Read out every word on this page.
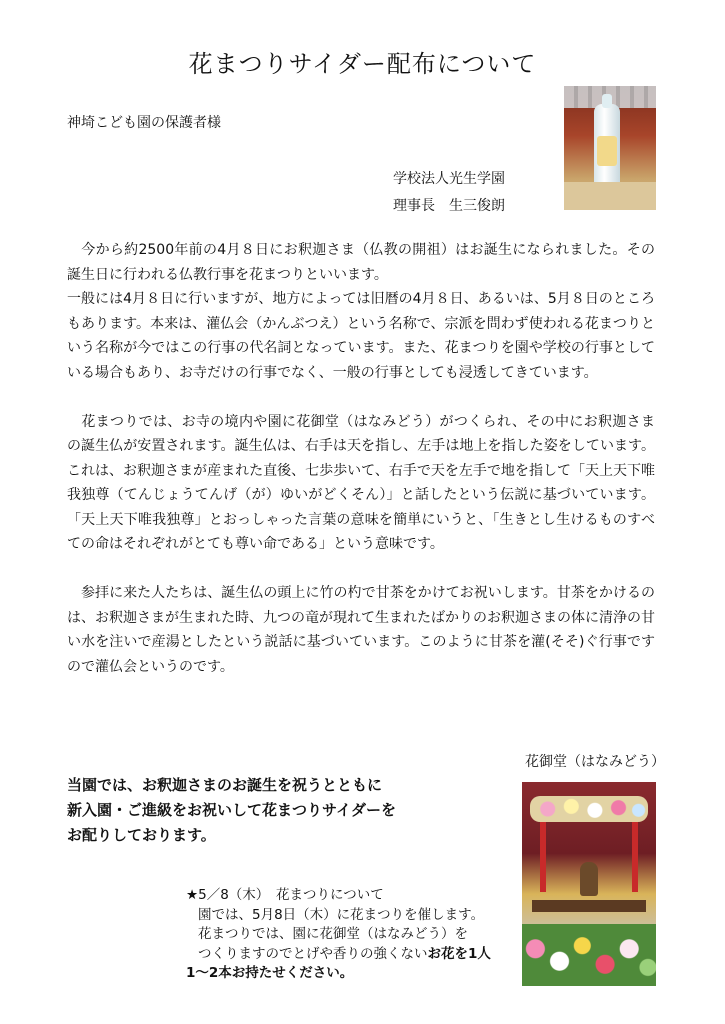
花まつりサイダー配布について
神埼こども園の保護者様
学校法人光生学園
理事長　生三俊朗

　今から約2500年前の4月８日にお釈迦さま（仏教の開祖）はお誕生になられました。その誕生日に行われる仏教行事を花まつりといいます。

一般には4月８日に行いますが、地方によっては旧暦の4月８日、あるいは、5月８日のところもあります。本来は、灌仏会（かんぶつえ）という名称で、宗派を問わず使われる花まつりという名称が今ではこの行事の代名詞となっています。また、花まつりを園や学校の行事としている場合もあり、お寺だけの行事でなく、一般の行事としても浸透してきています。

　花まつりでは、お寺の境内や園に花御堂（はなみどう）がつくられ、その中にお釈迦さまの誕生仏が安置されます。誕生仏は、右手は天を指し、左手は地上を指した姿をしています。これは、お釈迦さまが産まれた直後、七歩歩いて、右手で天を左手で地を指して「天上天下唯我独尊（てんじょうてんげ（が）ゆいがどくそん）」と話したという伝説に基づいています。「天上天下唯我独尊」とおっしゃった言葉の意味を簡単にいうと、「生きとし生けるものすべての命はそれぞれがとても尊い命である」という意味です。

　参拝に来た人たちは、誕生仏の頭上に竹の杓で甘茶をかけてお祝いします。甘茶をかけるのは、お釈迦さまが生まれた時、九つの竜が現れて生まれたばかりのお釈迦さまの体に清浄の甘い水を注いで産湯としたという説話に基づいています。このように甘茶を灌(そそ)ぐ行事ですので灌仏会というのです。

花御堂（はなみどう）
当園では、お釈迦さまのお誕生を祝うとともに
新入園・ご進級をお祝いして花まつりサイダーを
お配りしております。
★5／8（木）　花まつりについて
園では、5月8日（木）に花まつりを催します。
花まつりでは、園に花御堂（はなみどう）を
つくりますのでとげや香りの強くないお花を1人
1～2本お持たせください。
